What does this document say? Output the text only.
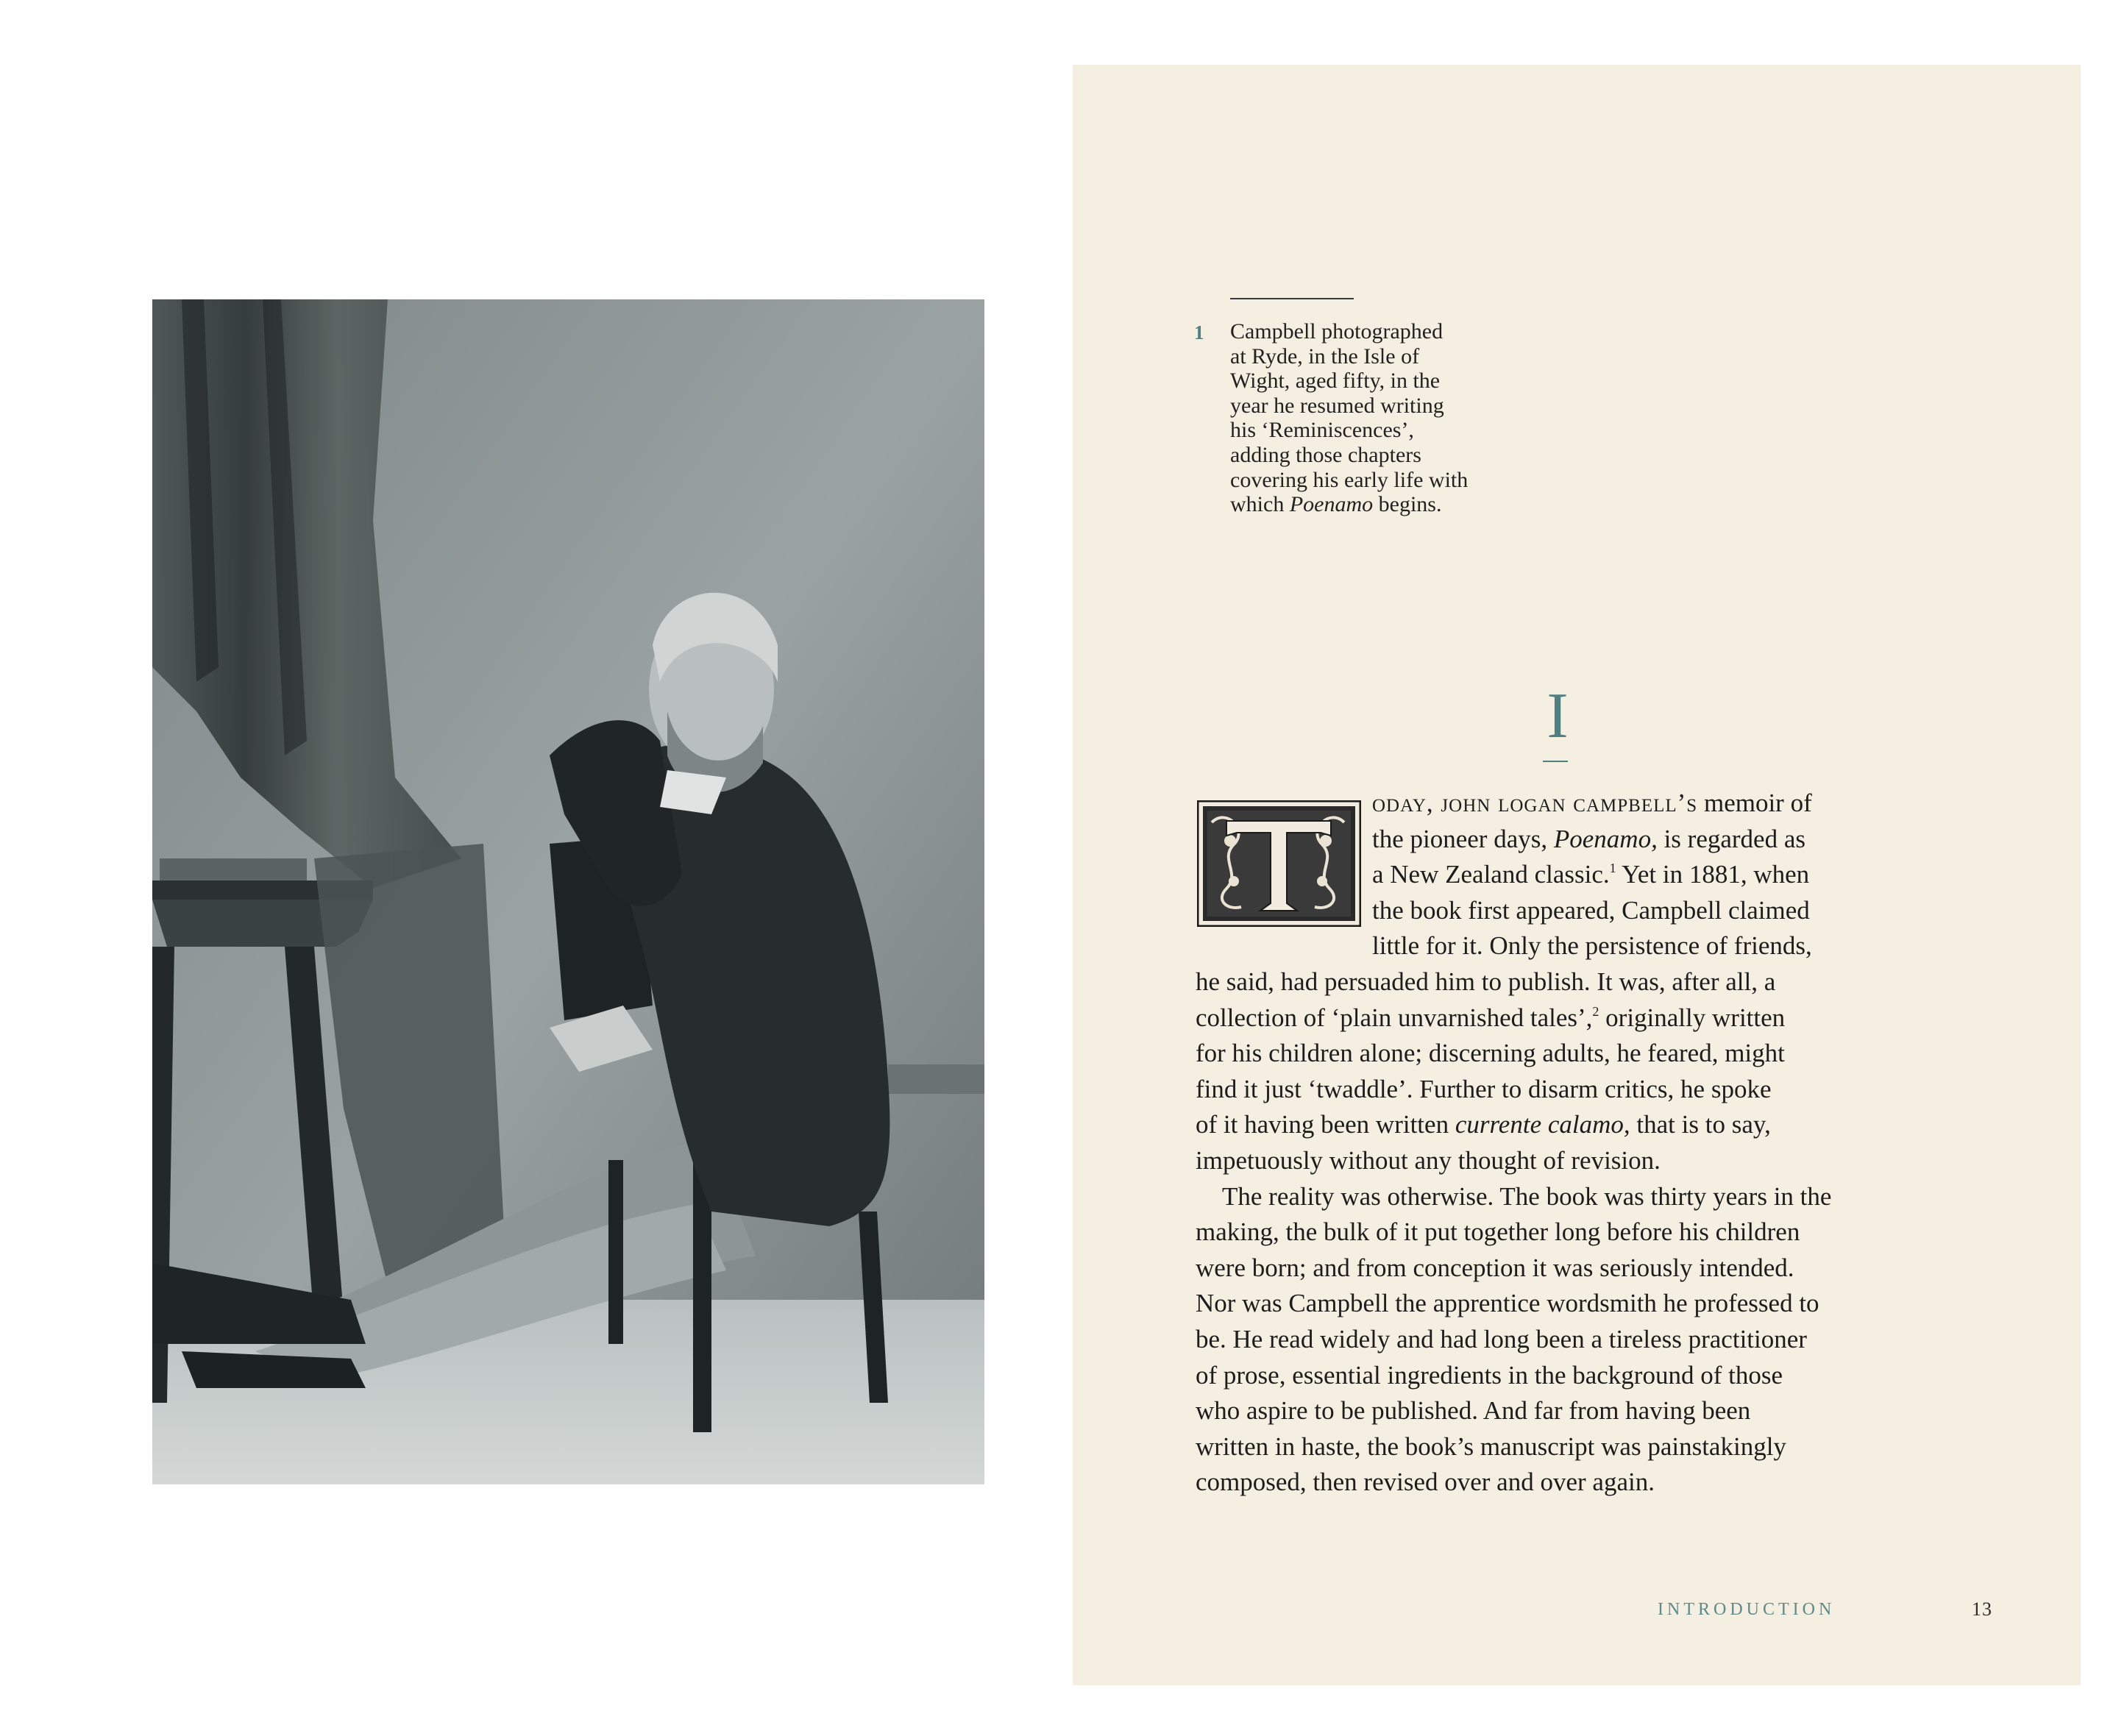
1 Campbell photographed
at Ryde, in the Isle of
Wight, aged fifty, in the
year he resumed writing
his ‘Reminiscences’,
adding those chapters
covering his early life with
which Poenamo begins.
I
oday, john logan campbell’s memoir of
the pioneer days, Poenamo, is regarded as
a New Zealand classic.$^1$ Yet in 1881, when
the book first appeared, Campbell claimed
little for it. Only the persistence of friends,
he said, had persuaded him to publish. It was, after all, a
collection of ‘plain unvarnished tales’,$^2$ originally written
for his children alone; discerning adults, he feared, might
find it just ‘twaddle’. Further to disarm critics, he spoke
of it having been written currente calamo, that is to say,
impetuously without any thought of revision.
The reality was otherwise. The book was thirty years in the
making, the bulk of it put together long before his children
were born; and from conception it was seriously intended.
Nor was Campbell the apprentice wordsmith he professed to
be. He read widely and had long been a tireless practitioner
of prose, essential ingredients in the background of those
who aspire to be published. And far from having been
written in haste, the book’s manuscript was painstakingly
composed, then revised over and over again.
INTRODUCTION	13
